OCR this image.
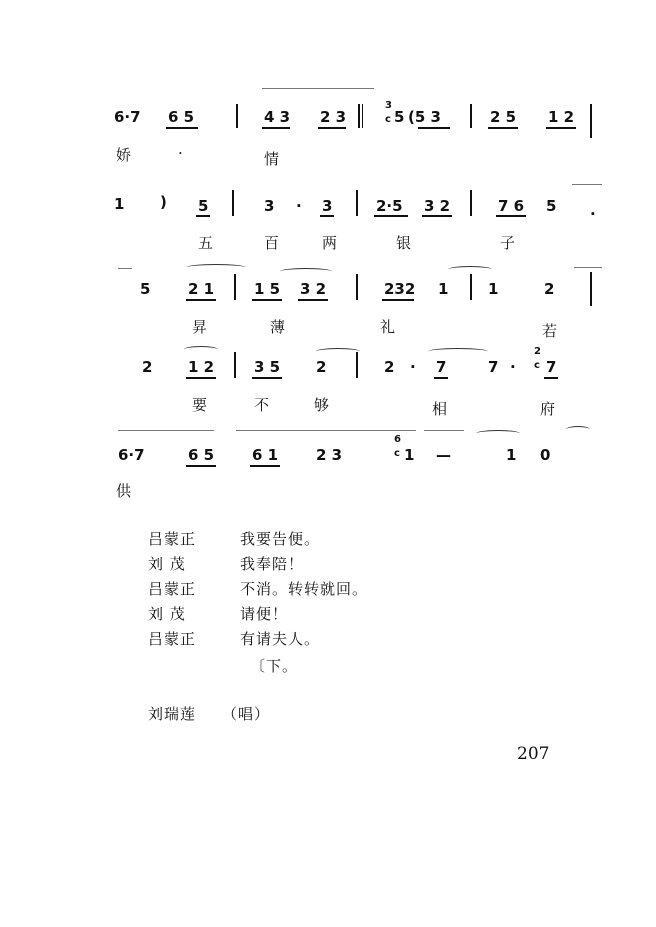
6·7 6 5	4 3 2 3
3
c 5 (5 3	2 5 1 2
娇	·	情
1 ) 5	3 · 3	2·5 3 2	7 6 5 ·
五	百	两	银	子
5	2 1	1 5 3 2	232 1	1	2
昇	薄	礼	若
2 1 2	3 5 2	2 · 7	7 ·
2
c 7
要	不	够	相	府
6·7	6 5	6 1	2 3
6
c 1 —	1 0
供
吕蒙正	我要告便。
刘 茂	我奉陪！
吕蒙正	不消。转转就回。
刘 茂	请便！
吕蒙正	有请夫人。
〔下。
刘瑞莲 （唱）
207
